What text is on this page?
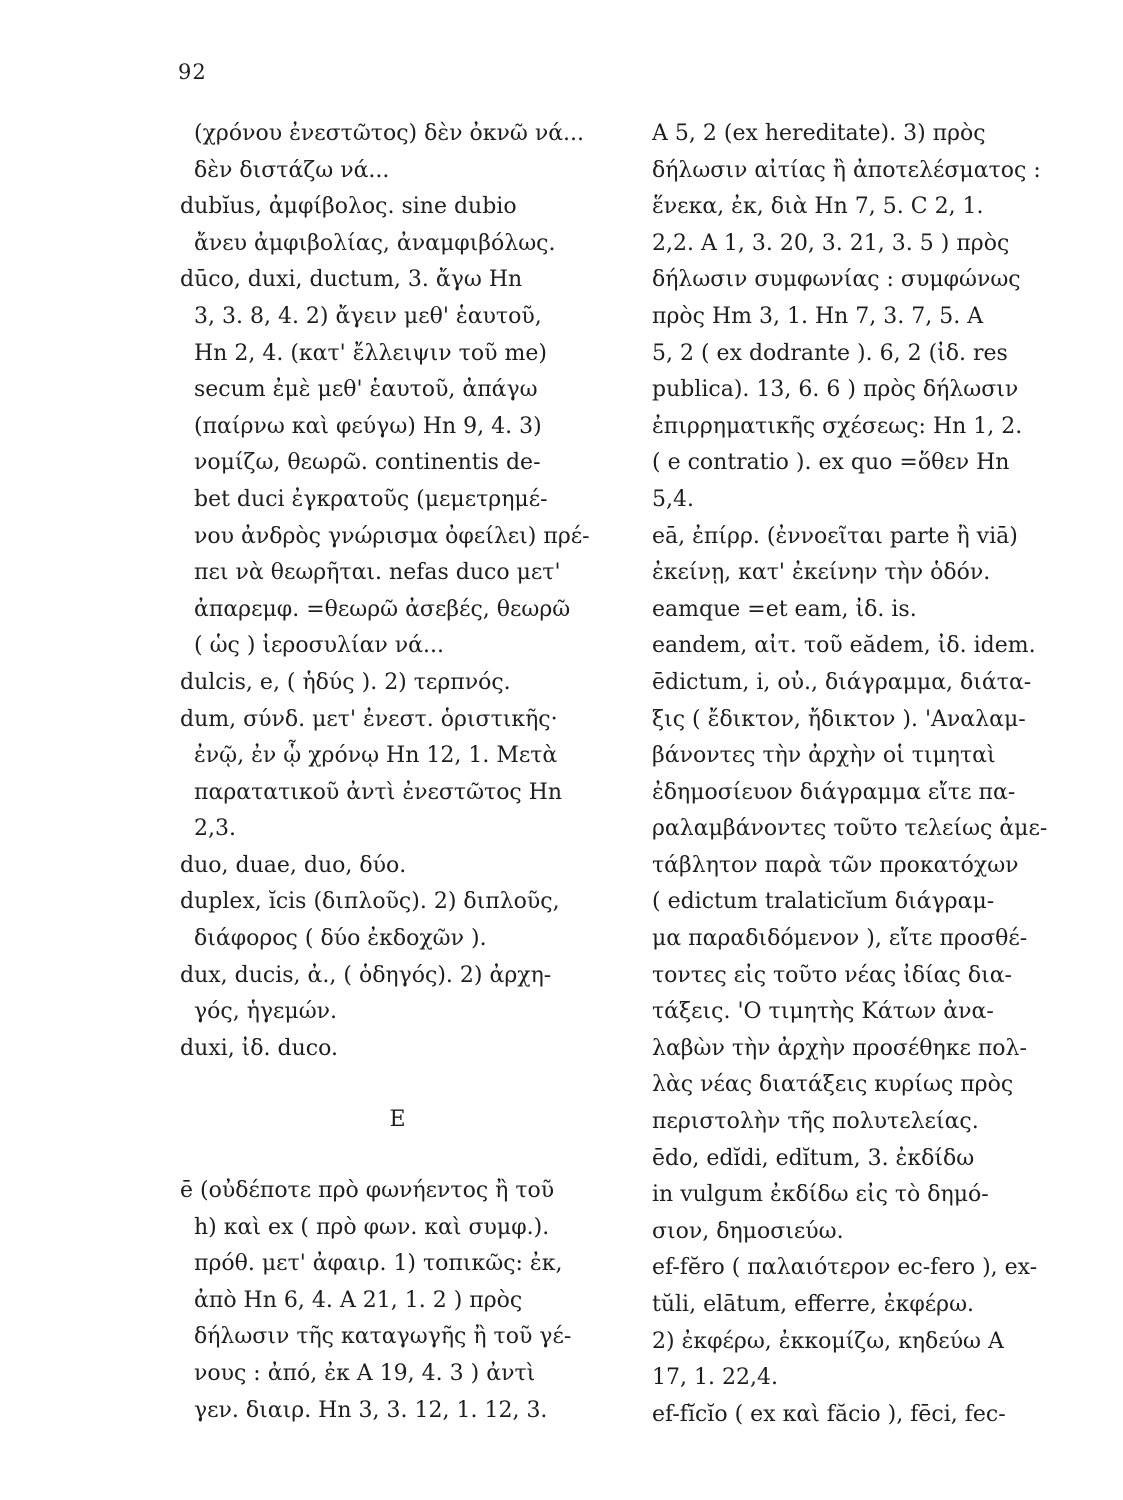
92
(χρόνου ἐνεστῶτος) δὲν ὀκνῶ νά...
δὲν διστάζω νά...
dubĭus, ἀμφίβολος. sine dubio
ἄνευ ἀμφιβολίας, ἀναμφιβόλως.
dūco, duxi, ductum, 3. ἄγω Hn
3, 3. 8, 4. 2) ἄγειν μεθ' ἑαυτοῦ,
Hn 2, 4. (κατ' ἔλλειψιν τοῦ me)
secum ἐμὲ μεθ' ἑαυτοῦ, ἀπάγω
(παίρνω καὶ φεύγω) Hn 9, 4. 3)
νομίζω, θεωρῶ. continentis de-
bet duci ἐγκρατοῦς (μεμετρημέ-
νου ἀνδρὸς γνώρισμα ὀφείλει) πρέ-
πει νὰ θεωρῆται. nefas duco μετ'
ἀπαρεμφ. =θεωρῶ ἀσεβές, θεωρῶ
( ὡς ) ἱεροσυλίαν νά...
dulcis, e, ( ἡδύς ). 2) τερπνός.
dum, σύνδ. μετ' ἐνεστ. ὁριστικῆς·
ἐνῷ, ἐν ᾧ χρόνῳ Hn 12, 1. Μετὰ
παρατατικοῦ ἀντὶ ἐνεστῶτος Hn
2,3.
duo, duae, duo, δύο.
duplex, ĭcis (διπλοῦς). 2) διπλοῦς,
διάφορος ( δύο ἐκδοχῶν ).
dux, ducis, ἀ., ( ὁδηγός). 2) ἀρχη-
γός, ἡγεμών.
duxi, ἰδ. duco.
E
ē (οὐδέποτε πρὸ φωνήεντος ἢ τοῦ
h) καὶ ex ( πρὸ φων. καὶ συμφ.).
πρόθ. μετ' ἀφαιρ. 1) τοπικῶς: ἐκ,
ἀπὸ Hn 6, 4. A 21, 1. 2 ) πρὸς
δήλωσιν τῆς καταγωγῆς ἢ τοῦ γέ-
νους : ἀπό, ἐκ A 19, 4. 3 ) ἀντὶ
γεν. διαιρ. Hn 3, 3. 12, 1. 12, 3.
A 5, 2 (ex hereditate). 3) πρὸς
δήλωσιν αἰτίας ἢ ἀποτελέσματος :
ἕνεκα, ἐκ, διὰ Hn 7, 5. C 2, 1.
2,2. A 1, 3. 20, 3. 21, 3. 5 ) πρὸς
δήλωσιν συμφωνίας : συμφώνως
πρὸς Hm 3, 1. Hn 7, 3. 7, 5. A
5, 2 ( ex dodrante ). 6, 2 (ἰδ. res
publica). 13, 6. 6 ) πρὸς δήλωσιν
ἐπιρρηματικῆς σχέσεως: Hn 1, 2.
( e contratio ). ex quo =ὅθεν Hn
5,4.
eā, ἐπίρρ. (ἐννοεῖται parte ἢ viā)
ἐκείνῃ, κατ' ἐκείνην τὴν ὁδόν.
eamque =et eam, ἰδ. is.
eandem, αἰτ. τοῦ eădem, ἰδ. idem.
ēdictum, i, οὐ., διάγραμμα, διάτα-
ξις ( ἔδικτον, ἤδικτον ). 'Αναλαμ-
βάνοντες τὴν ἀρχὴν οἱ τιμηταὶ
ἐδημοσίευον διάγραμμα εἴτε πα-
ραλαμβάνοντες τοῦτο τελείως ἀμε-
τάβλητον παρὰ τῶν προκατόχων
( edictum tralaticĭum διάγραμ-
μα παραδιδόμενον ), εἴτε προσθέ-
τοντες εἰς τοῦτο νέας ἰδίας δια-
τάξεις. 'Ο τιμητὴς Κάτων ἀνα-
λαβὼν τὴν ἀρχὴν προσέθηκε πολ-
λὰς νέας διατάξεις κυρίως πρὸς
περιστολὴν τῆς πολυτελείας.
ēdo, edĭdi, edĭtum, 3. ἐκδίδω
in vulgum ἐκδίδω εἰς τὸ δημό-
σιον, δημοσιεύω.
ef-fĕro ( παλαιότερον ec-fero ), ex-
tŭli, elātum, efferre, ἐκφέρω.
2) ἐκφέρω, ἐκκομίζω, κηδεύω A
17, 1. 22,4.
ef-fĭcĭo ( ex καὶ făcio ), fēci, fec-
